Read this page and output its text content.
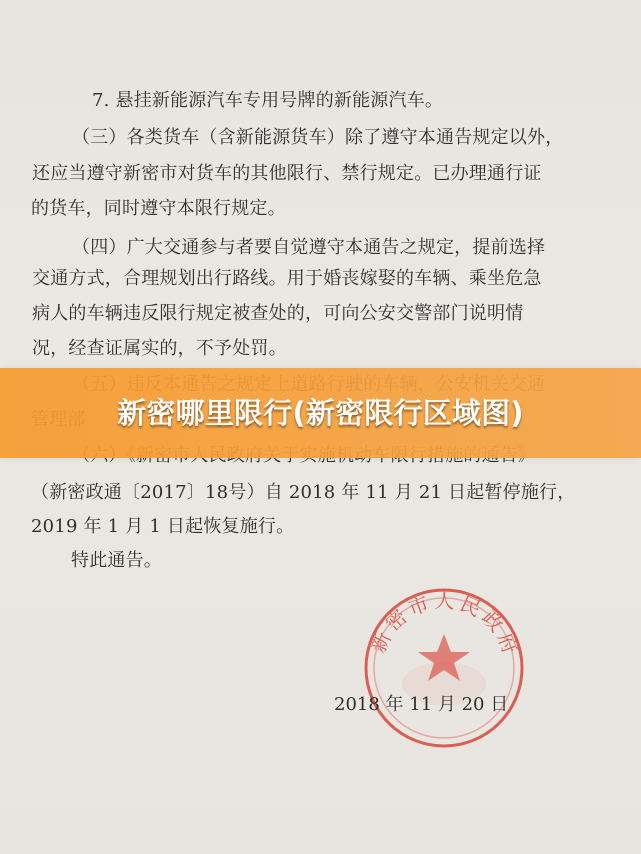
7. 悬挂新能源汽车专用号牌的新能源汽车。
（三）各类货车（含新能源货车）除了遵守本通告规定以外，
还应当遵守新密市对货车的其他限行、禁行规定。已办理通行证
的货车，同时遵守本限行规定。
（四）广大交通参与者要自觉遵守本通告之规定，提前选择
交通方式，合理规划出行路线。用于婚丧嫁娶的车辆、乘坐危急
病人的车辆违反限行规定被查处的，可向公安交警部门说明情
况，经查证属实的，不予处罚。
（新密政通〔2017〕18号）自 2018 年 11 月 21 日起暂停施行，
2019 年 1 月 1 日起恢复施行。
特此通告。
新密市人民政府
2018 年 11 月 20 日
新密哪里限行(新密限行区域图)
